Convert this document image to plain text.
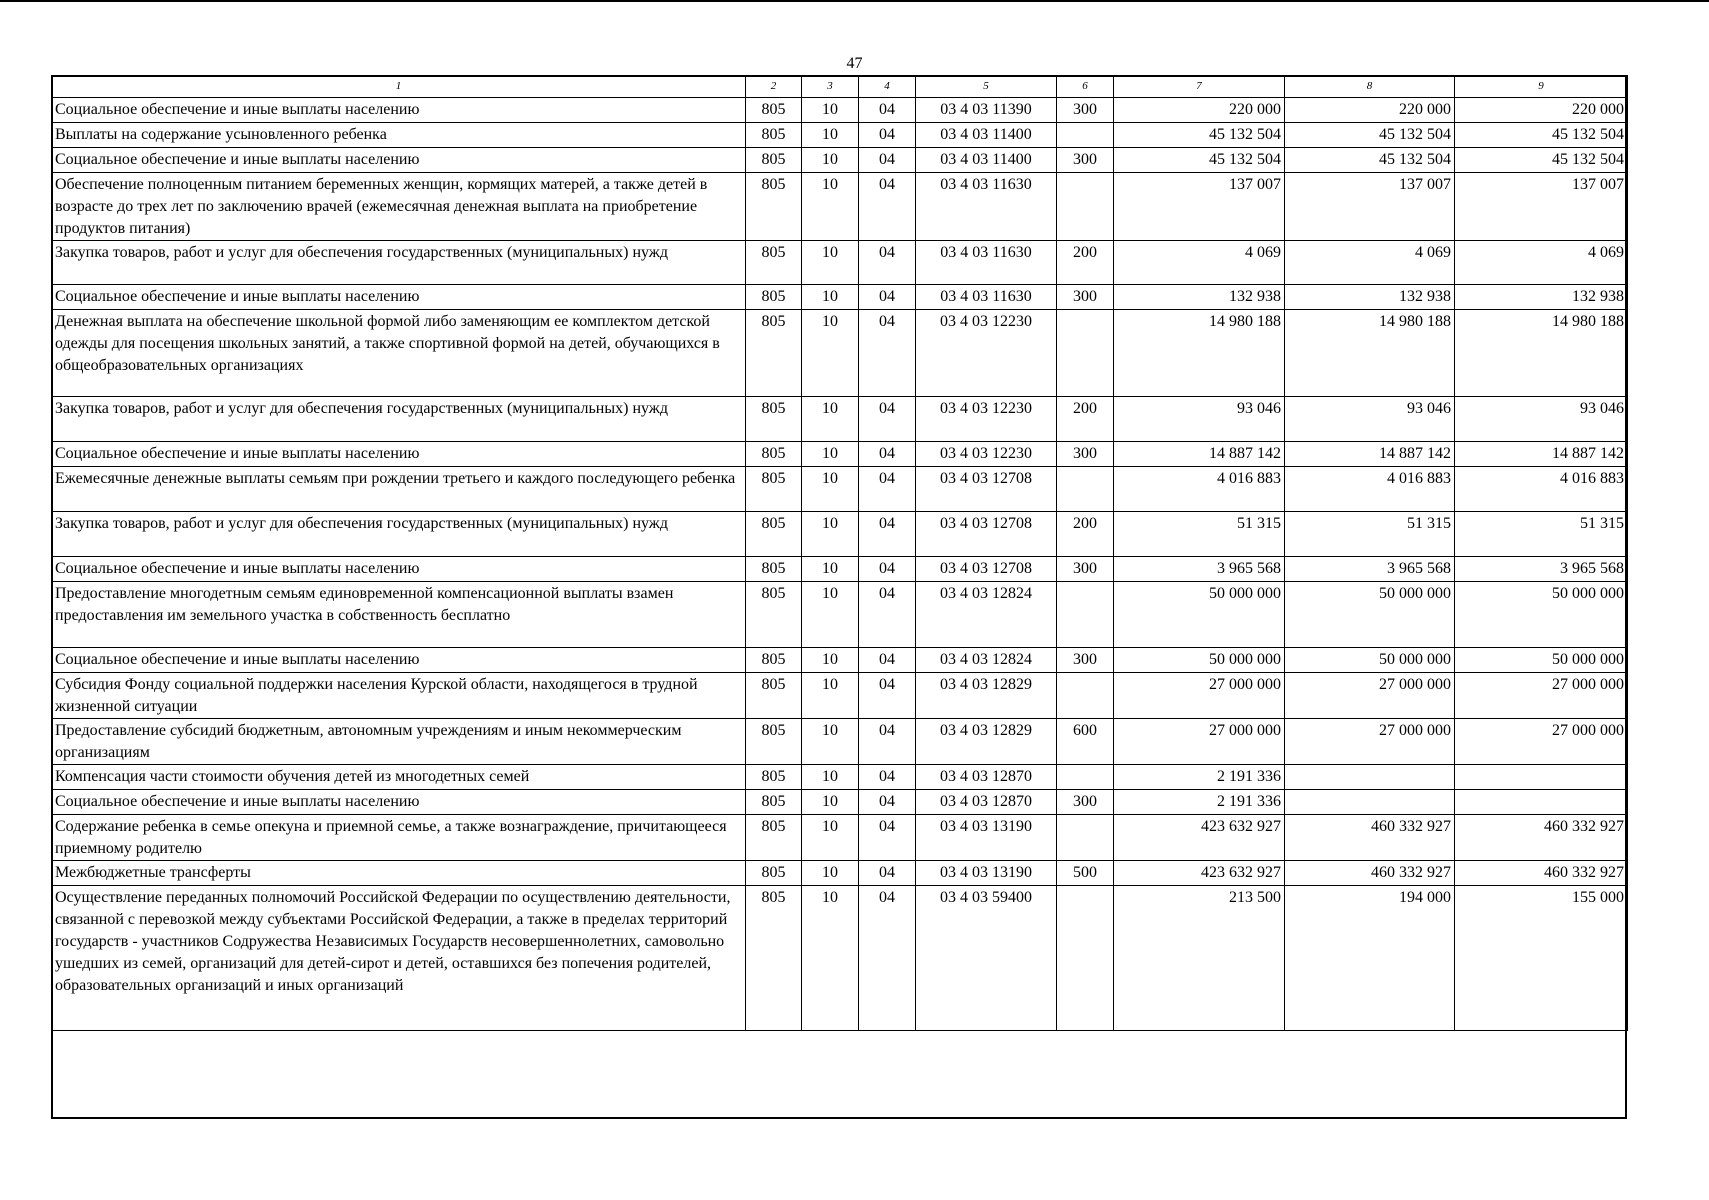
47
1	2	3	4	5	6	7	8	9
Социальное обеспечение и иные выплаты населению	805	10	04	03 4 03 11390	300	220 000	220 000	220 000
Выплаты на содержание усыновленного ребенка	805	10	04	03 4 03 11400		45 132 504	45 132 504	45 132 504
Социальное обеспечение и иные выплаты населению	805	10	04	03 4 03 11400	300	45 132 504	45 132 504	45 132 504
Обеспечение полноценным питанием беременных женщин, кормящих матерей, а также детей в возрасте до трех лет по заключению врачей (ежемесячная денежная выплата на приобретение продуктов питания)	805	10	04	03 4 03 11630		137 007	137 007	137 007
Закупка товаров, работ и услуг для обеспечения государственных (муниципальных) нужд	805	10	04	03 4 03 11630	200	4 069	4 069	4 069
Социальное обеспечение и иные выплаты населению	805	10	04	03 4 03 11630	300	132 938	132 938	132 938
Денежная выплата на обеспечение школьной формой либо заменяющим ее комплектом детской одежды для посещения школьных занятий, а также спортивной формой на детей, обучающихся в общеобразовательных организациях	805	10	04	03 4 03 12230		14 980 188	14 980 188	14 980 188
Закупка товаров, работ и услуг для обеспечения государственных (муниципальных) нужд	805	10	04	03 4 03 12230	200	93 046	93 046	93 046
Социальное обеспечение и иные выплаты населению	805	10	04	03 4 03 12230	300	14 887 142	14 887 142	14 887 142
Ежемесячные денежные выплаты семьям при рождении третьего и каждого последующего ребенка	805	10	04	03 4 03 12708		4 016 883	4 016 883	4 016 883
Закупка товаров, работ и услуг для обеспечения государственных (муниципальных) нужд	805	10	04	03 4 03 12708	200	51 315	51 315	51 315
Социальное обеспечение и иные выплаты населению	805	10	04	03 4 03 12708	300	3 965 568	3 965 568	3 965 568
Предоставление многодетным семьям единовременной компенсационной выплаты взамен предоставления им земельного участка в собственность бесплатно	805	10	04	03 4 03 12824		50 000 000	50 000 000	50 000 000
Социальное обеспечение и иные выплаты населению	805	10	04	03 4 03 12824	300	50 000 000	50 000 000	50 000 000
Субсидия Фонду социальной поддержки населения Курской области, находящегося в трудной жизненной ситуации	805	10	04	03 4 03 12829		27 000 000	27 000 000	27 000 000
Предоставление субсидий бюджетным, автономным учреждениям и иным некоммерческим организациям	805	10	04	03 4 03 12829	600	27 000 000	27 000 000	27 000 000
Компенсация части стоимости обучения детей из многодетных семей	805	10	04	03 4 03 12870		2 191 336		
Социальное обеспечение и иные выплаты населению	805	10	04	03 4 03 12870	300	2 191 336		
Содержание ребенка в семье опекуна и приемной семье, а также вознаграждение, причитающееся приемному родителю	805	10	04	03 4 03 13190		423 632 927	460 332 927	460 332 927
Межбюджетные трансферты	805	10	04	03 4 03 13190	500	423 632 927	460 332 927	460 332 927
Осуществление переданных полномочий Российской Федерации по осуществлению деятельности, связанной с перевозкой между субъектами Российской Федерации, а также в пределах территорий государств - участников Содружества Независимых Государств несовершеннолетних, самовольно ушедших из семей, организаций для детей-сирот и детей, оставшихся без попечения родителей, образовательных организаций и иных организаций	805	10	04	03 4 03 59400		213 500	194 000	155 000
